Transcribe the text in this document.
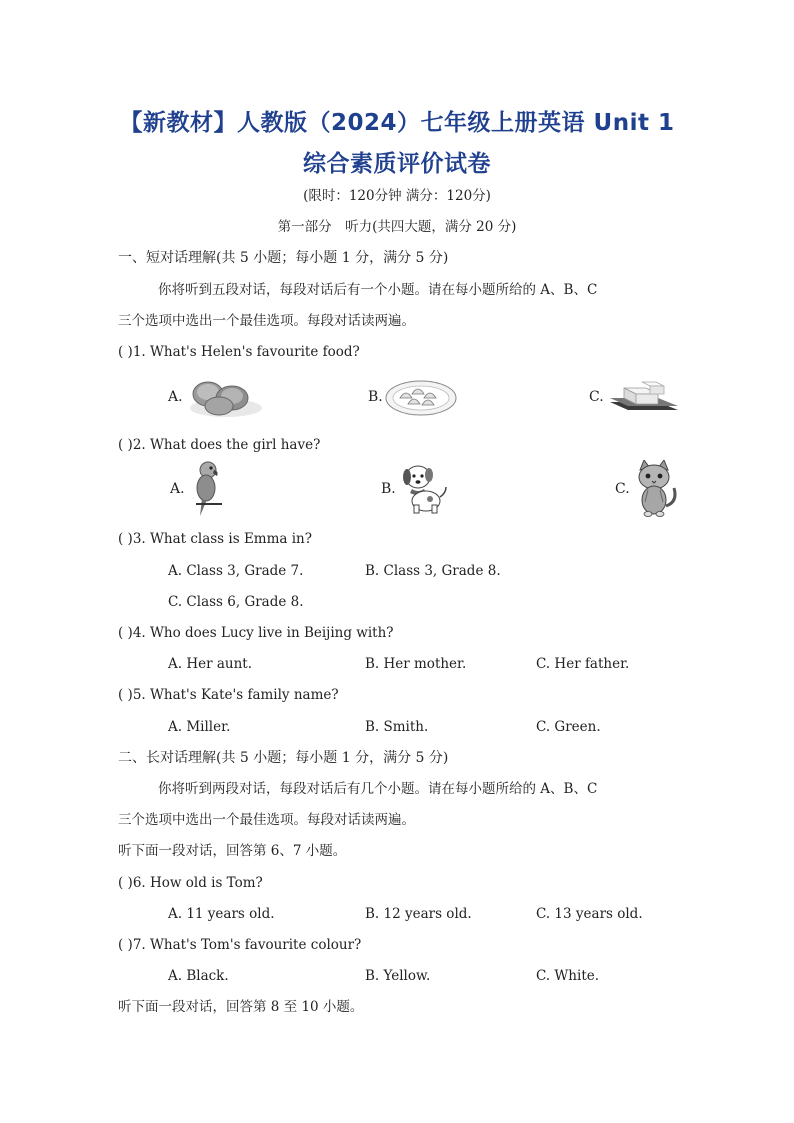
【新教材】人教版（2024）七年级上册英语 Unit 1
综合素质评价试卷
(限时：120分钟 满分：120分)
第一部分　听力(共四大题，满分 20 分)
一、短对话理解(共 5 小题；每小题 1 分，满分 5 分)
你将听到五段对话，每段对话后有一个小题。请在每小题所给的 A、B、C
三个选项中选出一个最佳选项。每段对话读两遍。
( )1. What's Helen's favourite food?
A.	B.	C.
( )2. What does the girl have?
A.	B.	C.
( )3. What class is Emma in?
A. Class 3, Grade 7.	B. Class 3, Grade 8.
C. Class 6, Grade 8.
( )4. Who does Lucy live in Beijing with?
A. Her aunt.	B. Her mother.	C. Her father.
( )5. What's Kate's family name?
A. Miller.	B. Smith.	C. Green.
二、长对话理解(共 5 小题；每小题 1 分，满分 5 分)
你将听到两段对话，每段对话后有几个小题。请在每小题所给的 A、B、C
三个选项中选出一个最佳选项。每段对话读两遍。
听下面一段对话，回答第 6、7 小题。
( )6. How old is Tom?
A. 11 years old.	B. 12 years old.	C. 13 years old.
( )7. What's Tom's favourite colour?
A. Black.	B. Yellow.	C. White.
听下面一段对话，回答第 8 至 10 小题。
